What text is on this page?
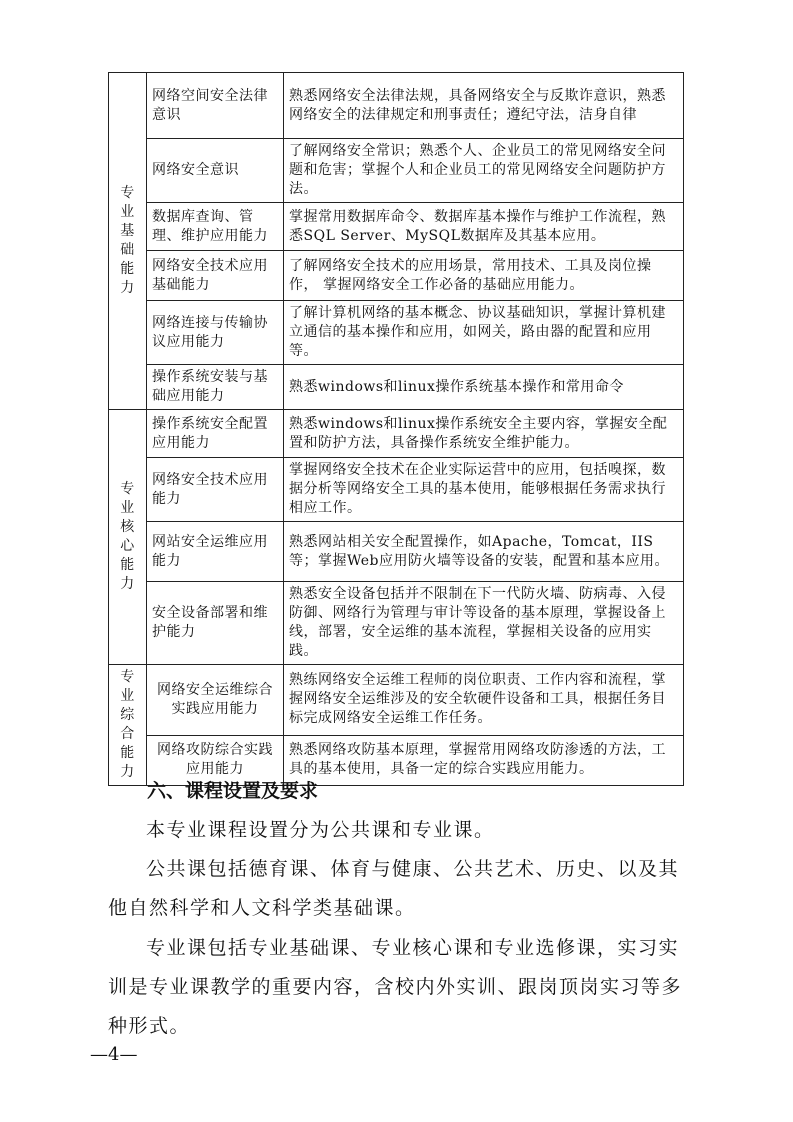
专 业
基 础
能力	网络空间安全法律意识	熟悉网络安全法律法规，具备网络安全与反欺诈意识，熟悉网络安全的法律规定和刑事责任；遵纪守法，洁身自律
	网络安全意识	了解网络安全常识；熟悉个人、企业员工的常见网络安全问题和危害；掌握个人和企业员工的常见网络安全问题防护方法。
	数据库查询、管理、维护应用能力	掌握常用数据库命令、数据库基本操作与维护工作流程，熟悉SQL Server、MySQL数据库及其基本应用。
	网络安全技术应用基础能力	了解网络安全技术的应用场景，常用技术、工具及岗位操作， 掌握网络安全工作必备的基础应用能力。
	网络连接与传输协议应用能力	了解计算机网络的基本概念、协议基础知识，掌握计算机建立通信的基本操作和应用，如网关，路由器的配置和应用等。
	操作系统安装与基础应用能力	熟悉windows和linux操作系统基本操作和常用命令
专业
核心
能力	操作系统安全配置应用能力	熟悉windows和linux操作系统安全主要内容，掌握安全配置和防护方法，具备操作系统安全维护能力。
	网络安全技术应用能力	掌握网络安全技术在企业实际运营中的应用，包括嗅探，数据分析等网络安全工具的基本使用，能够根据任务需求执行相应工作。
	网站安全运维应用能力	熟悉网站相关安全配置操作，如Apache，Tomcat，IIS等；掌握Web应用防火墙等设备的安装，配置和基本应用。
	安全设备部署和维护能力	熟悉安全设备包括并不限制在下一代防火墙、防病毒、入侵防御、网络行为管理与审计等设备的基本原理，掌握设备上线，部署，安全运维的基本流程，掌握相关设备的应用实践。
专业
综合
能力	网络安全运维综合实践应用能力	熟练网络安全运维工程师的岗位职责、工作内容和流程，掌握网络安全运维涉及的安全软硬件设备和工具，根据任务目标完成网络安全运维工作任务。
	网络攻防综合实践应用能力	熟悉网络攻防基本原理，掌握常用网络攻防渗透的方法，工具的基本使用，具备一定的综合实践应用能力。
六、课程设置及要求
本专业课程设置分为公共课和专业课。
公共课包括德育课、体育与健康、公共艺术、历史、以及其他自然科学和人文科学类基础课。
专业课包括专业基础课、专业核心课和专业选修课，实习实训是专业课教学的重要内容，含校内外实训、跟岗顶岗实习等多种形式。
—4—
